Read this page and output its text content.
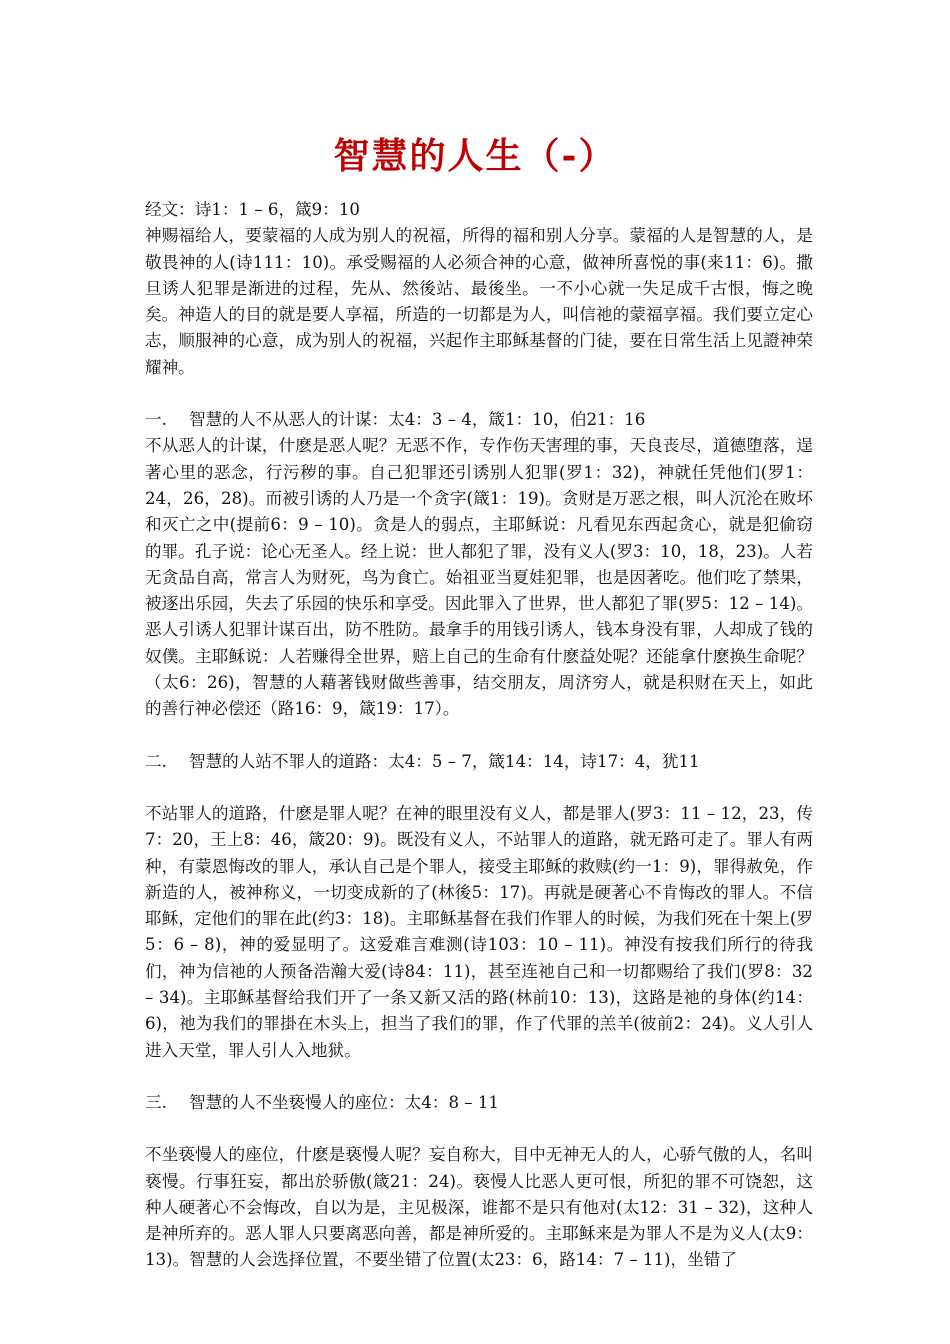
智慧的人生（-）

经文：诗1：1 – 6，箴9：10

神赐福给人，要蒙福的人成为别人的祝福，所得的福和别人分享。蒙福的人是智慧的人，是敬畏神的人(诗111：10)。承受赐福的人必须合神的心意，做神所喜悦的事(来11：6)。撒旦诱人犯罪是渐进的过程，先从、然後站、最後坐。一不小心就一失足成千古恨，悔之晚矣。神造人的目的就是要人享福，所造的一切都是为人，叫信祂的蒙福享福。我们要立定心志，顺服神的心意，成为别人的祝福，兴起作主耶稣基督的门徒，要在日常生活上见證神荣耀神。

一. 智慧的人不从恶人的计谋：太4：3 – 4，箴1：10，伯21：16

不从恶人的计谋，什麽是恶人呢？无恶不作，专作伤天害理的事，天良丧尽，道德堕落，逞著心里的恶念，行污秽的事。自己犯罪还引诱别人犯罪(罗1：32)，神就任凭他们(罗1：24，26，28)。而被引诱的人乃是一个贪字(箴1：19)。贪财是万恶之根，叫人沉沦在败坏和灭亡之中(提前6：9 – 10)。贪是人的弱点，主耶稣说：凡看见东西起贪心，就是犯偷窃的罪。孔子说：论心无圣人。经上说：世人都犯了罪，没有义人(罗3：10，18，23)。人若无贪品自高，常言人为财死，鸟为食亡。始祖亚当夏娃犯罪，也是因著吃。他们吃了禁果，被逐出乐园，失去了乐园的快乐和享受。因此罪入了世界，世人都犯了罪(罗5：12 – 14)。恶人引诱人犯罪计谋百出，防不胜防。最拿手的用钱引诱人，钱本身没有罪，人却成了钱的奴僕。主耶稣说：人若赚得全世界，赔上自己的生命有什麽益处呢？还能拿什麽换生命呢？（太6：26)，智慧的人藉著钱财做些善事，结交朋友，周济穷人，就是积财在天上，如此的善行神必偿还（路16：9，箴19：17）。

二. 智慧的人站不罪人的道路：太4：5 – 7，箴14：14，诗17：4，犹11

不站罪人的道路，什麽是罪人呢？在神的眼里没有义人，都是罪人(罗3：11 – 12，23，传7：20，王上8：46，箴20：9)。既没有义人，不站罪人的道路，就无路可走了。罪人有两种，有蒙恩悔改的罪人，承认自己是个罪人，接受主耶稣的救赎(约一1：9)，罪得赦免，作新造的人，被神称义，一切变成新的了(林後5：17)。再就是硬著心不肯悔改的罪人。不信耶稣，定他们的罪在此(约3：18)。主耶稣基督在我们作罪人的时候，为我们死在十架上(罗5：6 – 8)，神的爱显明了。这爱难言难测(诗103：10 – 11)。神没有按我们所行的待我们，神为信祂的人预备浩瀚大爱(诗84：11)，甚至连祂自己和一切都赐给了我们(罗8：32 – 34)。主耶稣基督给我们开了一条又新又活的路(林前10：13)，这路是祂的身体(约14：6)，祂为我们的罪掛在木头上，担当了我们的罪，作了代罪的羔羊(彼前2：24)。义人引人进入天堂，罪人引人入地狱。

三. 智慧的人不坐亵慢人的座位：太4：8 – 11

不坐亵慢人的座位，什麽是亵慢人呢？妄自称大，目中无神无人的人，心骄气傲的人，名叫亵慢。行事狂妄，都出於骄傲(箴21：24)。亵慢人比恶人更可恨，所犯的罪不可饶恕，这种人硬著心不会悔改，自以为是，主见极深，谁都不是只有他对(太12：31 – 32)，这种人是神所弃的。恶人罪人只要离恶向善，都是神所爱的。主耶稣来是为罪人不是为义人(太9：13)。智慧的人会选择位置，不要坐错了位置(太23：6，路14：7 – 11)，坐错了
